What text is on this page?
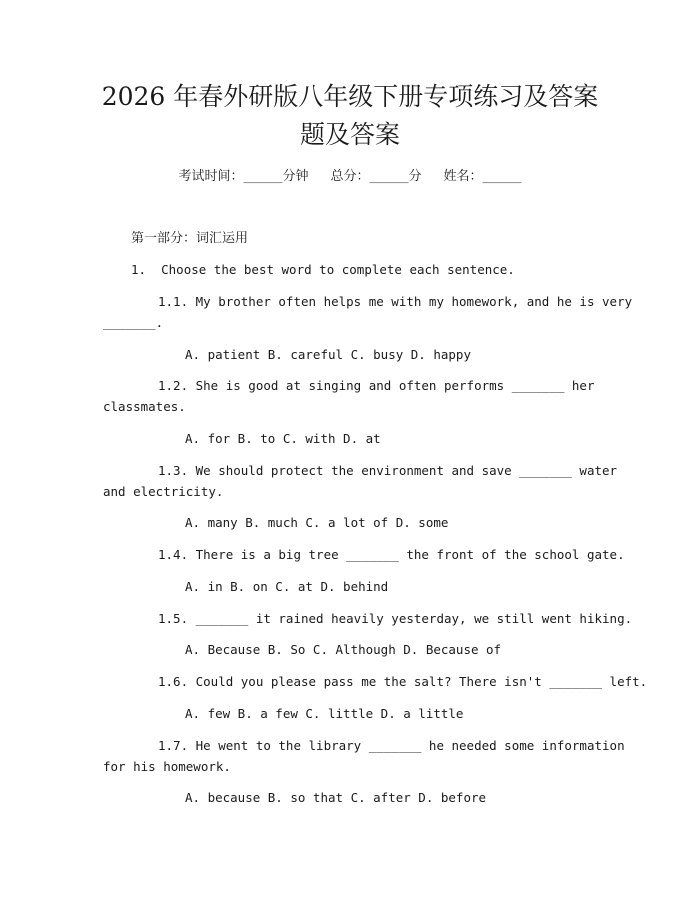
2026 年春外研版八年级下册专项练习及答案
题及答案
考试时间：______分钟 总分：______分 姓名：______
第一部分：词汇运用
1. Choose the best word to complete each sentence.
1.1. My brother often helps me with my homework, and he is very
_______.
A. patient B. careful C. busy D. happy
1.2. She is good at singing and often performs _______ her
classmates.
A. for B. to C. with D. at
1.3. We should protect the environment and save _______ water
and electricity.
A. many B. much C. a lot of D. some
1.4. There is a big tree _______ the front of the school gate.
A. in B. on C. at D. behind
1.5. _______ it rained heavily yesterday, we still went hiking.
A. Because B. So C. Although D. Because of
1.6. Could you please pass me the salt? There isn't _______ left.
A. few B. a few C. little D. a little
1.7. He went to the library _______ he needed some information
for his homework.
A. because B. so that C. after D. before
